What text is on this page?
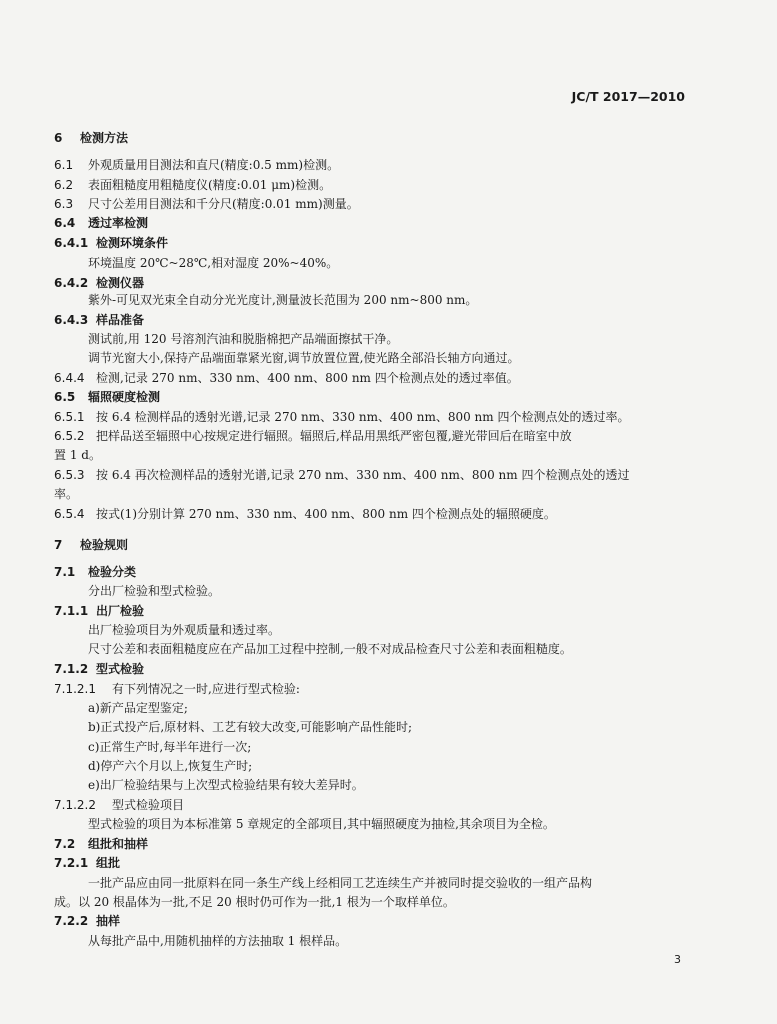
JC/T 2017—2010
6 检测方法
6.1 外观质量用目测法和直尺(精度:0.5 mm)检测。
6.2 表面粗糙度用粗糙度仪(精度:0.01 μm)检测。
6.3 尺寸公差用目测法和千分尺(精度:0.01 mm)测量。
6.4 透过率检测
6.4.1 检测环境条件
环境温度 20℃~28℃,相对湿度 20%~40%。
6.4.2 检测仪器
紫外-可见双光束全自动分光光度计,测量波长范围为 200 nm~800 nm。
6.4.3 样品准备
测试前,用 120 号溶剂汽油和脱脂棉把产品端面擦拭干净。
调节光窗大小,保持产品端面靠紧光窗,调节放置位置,使光路全部沿长轴方向通过。
6.4.4 检测,记录 270 nm、330 nm、400 nm、800 nm 四个检测点处的透过率值。
6.5 辐照硬度检测
6.5.1 按 6.4 检测样品的透射光谱,记录 270 nm、330 nm、400 nm、800 nm 四个检测点处的透过率。
6.5.2 把样品送至辐照中心按规定进行辐照。辐照后,样品用黑纸严密包覆,避光带回后在暗室中放
置 1 d。
6.5.3 按 6.4 再次检测样品的透射光谱,记录 270 nm、330 nm、400 nm、800 nm 四个检测点处的透过
率。
6.5.4 按式(1)分别计算 270 nm、330 nm、400 nm、800 nm 四个检测点处的辐照硬度。
7 检验规则
7.1 检验分类
分出厂检验和型式检验。
7.1.1 出厂检验
出厂检验项目为外观质量和透过率。
尺寸公差和表面粗糙度应在产品加工过程中控制,一般不对成品检查尺寸公差和表面粗糙度。
7.1.2 型式检验
7.1.2.1 有下列情况之一时,应进行型式检验:
a)新产品定型鉴定;
b)正式投产后,原材料、工艺有较大改变,可能影响产品性能时;
c)正常生产时,每半年进行一次;
d)停产六个月以上,恢复生产时;
e)出厂检验结果与上次型式检验结果有较大差异时。
7.1.2.2 型式检验项目
型式检验的项目为本标准第 5 章规定的全部项目,其中辐照硬度为抽检,其余项目为全检。
7.2 组批和抽样
7.2.1 组批
一批产品应由同一批原料在同一条生产线上经相同工艺连续生产并被同时提交验收的一组产品构
成。以 20 根晶体为一批,不足 20 根时仍可作为一批,1 根为一个取样单位。
7.2.2 抽样
从每批产品中,用随机抽样的方法抽取 1 根样品。
3
